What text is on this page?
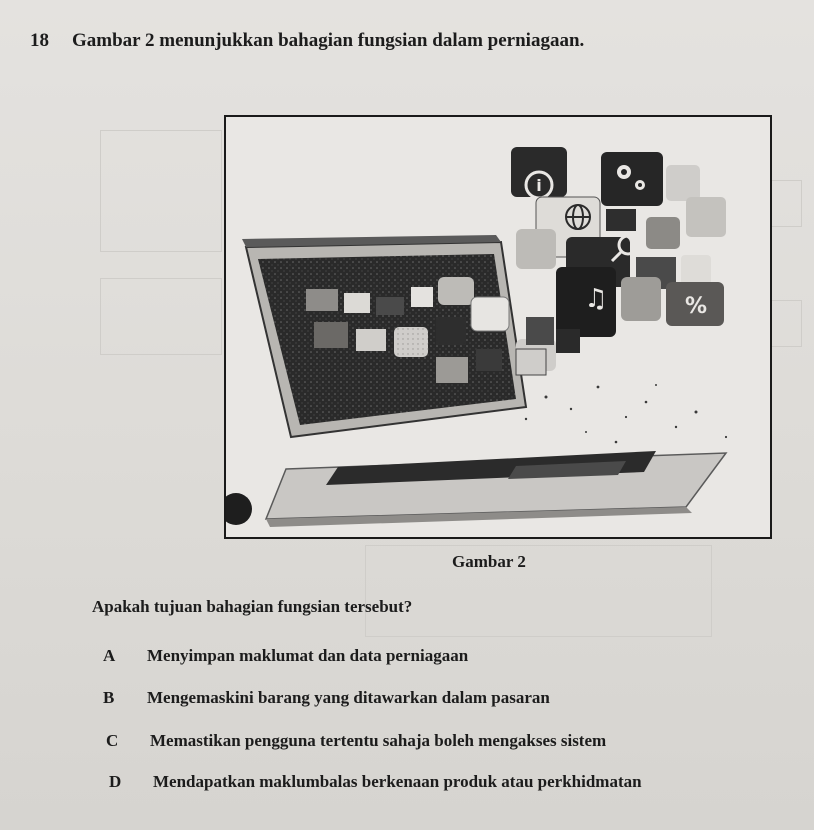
18 Gambar 2 menunjukkan bahagian fungsian dalam perniagaan.
i
♫	%
Gambar 2
Apakah tujuan bahagian fungsian tersebut?
A Menyimpan maklumat dan data perniagaan
B Mengemaskini barang yang ditawarkan dalam pasaran
C Memastikan pengguna tertentu sahaja boleh mengakses sistem
D Mendapatkan maklumbalas berkenaan produk atau perkhidmatan
